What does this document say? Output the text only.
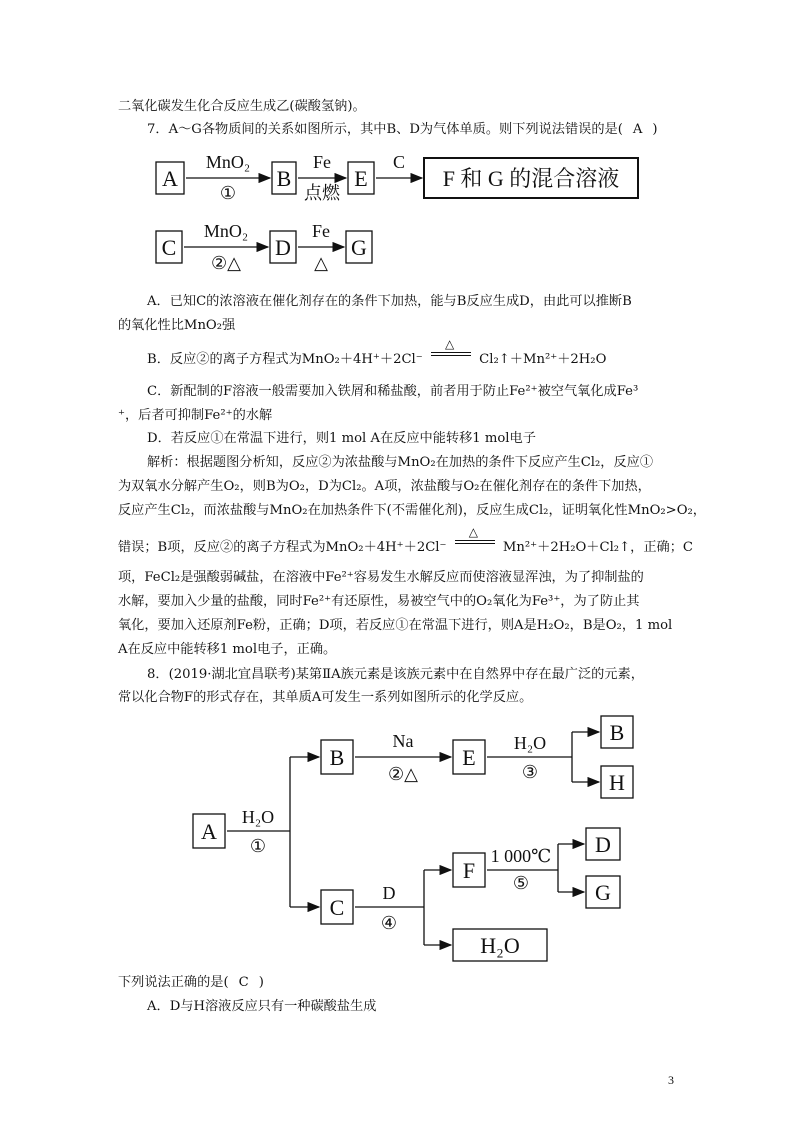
二氧化碳发生化合反应生成乙(碳酸氢钠)。
7．A～G各物质间的关系如图所示，其中B、D为气体单质。则下列说法错误的是( A )
A	B	E	F 和 G 的混合溶液
C	D	G
MnO₂
①
Fe
点燃
C
MnO₂
②△
Fe
△
A．已知C的浓溶液在催化剂存在的条件下加热，能与B反应生成D，由此可以推断B
的氧化性比MnO₂强
B．反应②的离子方程式为MnO₂＋4H⁺＋2Cl⁻
△
Cl₂↑＋Mn²⁺＋2H₂O
C．新配制的F溶液一般需要加入铁屑和稀盐酸，前者用于防止Fe²⁺被空气氧化成Fe³
⁺，后者可抑制Fe²⁺的水解
D．若反应①在常温下进行，则1 mol A在反应中能转移1 mol电子
解析：根据题图分析知，反应②为浓盐酸与MnO₂在加热的条件下反应产生Cl₂，反应①
为双氧水分解产生O₂，则B为O₂，D为Cl₂。A项，浓盐酸与O₂在催化剂存在的条件下加热，
反应产生Cl₂，而浓盐酸与MnO₂在加热条件下(不需催化剂)，反应生成Cl₂，证明氧化性MnO₂>O₂，
错误；B项，反应②的离子方程式为MnO₂＋4H⁺＋2Cl⁻
△
Mn²⁺＋2H₂O＋Cl₂↑，正确；C
项，FeCl₂是强酸弱碱盐，在溶液中Fe²⁺容易发生水解反应而使溶液显浑浊，为了抑制盐的
水解，要加入少量的盐酸，同时Fe²⁺有还原性，易被空气中的O₂氧化为Fe³⁺，为了防止其
氧化，要加入还原剂Fe粉，正确；D项，若反应①在常温下进行，则A是H₂O₂，B是O₂，1 mol
A在反应中能转移1 mol电子，正确。
8．(2019·湖北宜昌联考)某第ⅡA族元素是该族元素中在自然界中存在最广泛的元素，
常以化合物F的形式存在，其单质A可发生一系列如图所示的化学反应。
A
B	E
B
H
C
F
D
G
H₂O
H₂O
①
Na
②△
H₂O
③
D
④
1 000℃
⑤
下列说法正确的是( C )
A．D与H溶液反应只有一种碳酸盐生成
3
